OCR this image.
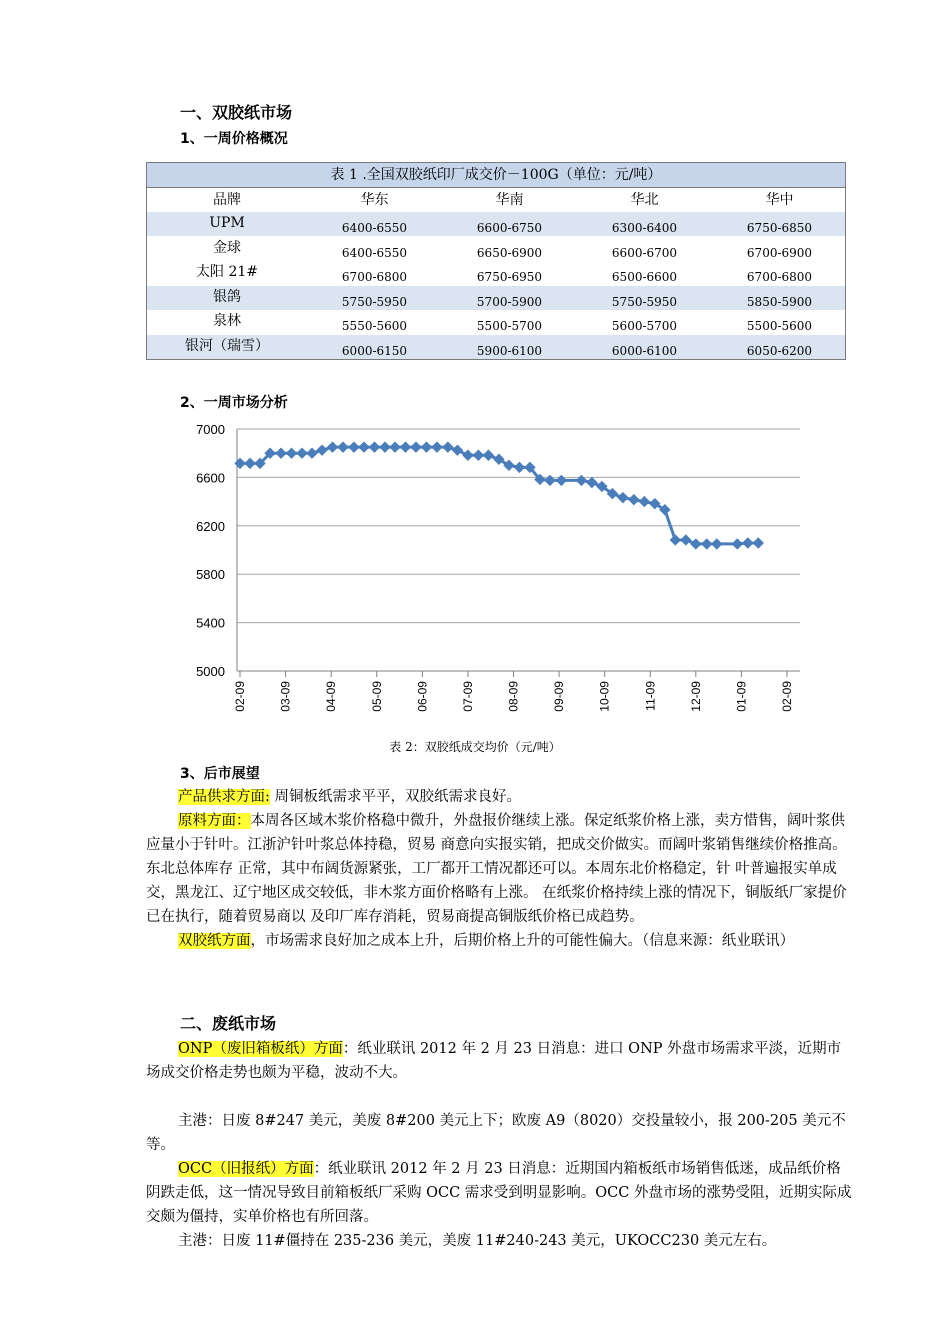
一、双胶纸市场
1、一周价格概况
表 1 .全国双胶纸印厂成交价－100G（单位：元/吨）
品牌	华东	华南	华北	华中
UPM	6400-6550	6600-6750	6300-6400	6750-6850
金球	6400-6550	6650-6900	6600-6700	6700-6900
太阳 21#	6700-6800	6750-6950	6500-6600	6700-6800
银鸽	5750-5950	5700-5900	5750-5950	5850-5900
泉林	5550-5600	5500-5700	5600-5700	5500-5600
银河（瑞雪）	6000-6150	5900-6100	6000-6100	6050-6200
2、一周市场分析
5000
5400
5800
6200
6600
7000
02-09	03-09	04-09	05-09	06-09	07-09	08-09	09-09	10-09	11-09	12-09	01-09	02-09
表 2：双胶纸成交均价（元/吨）
3、后市展望

产品供求方面: 周铜板纸需求平平，双胶纸需求良好。

原料方面：本周各区域木浆价格稳中微升，外盘报价继续上涨。保定纸浆价格上涨，卖方惜售，阔叶浆供应量小于针叶。江浙沪针叶浆总体持稳，贸易 商意向实报实销，把成交价做实。而阔叶浆销售继续价格推高。东北总体库存 正常，其中布阔货源紧张，工厂都开工情况都还可以。本周东北价格稳定，针 叶普遍报实单成交，黑龙江、辽宁地区成交较低，非木浆方面价格略有上涨。 在纸浆价格持续上涨的情况下，铜版纸厂家提价已在执行，随着贸易商以 及印厂库存消耗，贸易商提高铜版纸价格已成趋势。

双胶纸方面，市场需求良好加之成本上升，后期价格上升的可能性偏大。（信息来源：纸业联讯）

二、废纸市场

ONP（废旧箱板纸）方面：纸业联讯 2012 年 2 月 23 日消息：进口 ONP 外盘市场需求平淡，近期市场成交价格走势也颇为平稳，波动不大。

主港：日废 8#247 美元，美废 8#200 美元上下；欧废 A9（8020）交投量较小，报 200-205 美元不等。

OCC（旧报纸）方面：纸业联讯 2012 年 2 月 23 日消息：近期国内箱板纸市场销售低迷，成品纸价格阴跌走低，这一情况导致目前箱板纸厂采购 OCC 需求受到明显影响。OCC 外盘市场的涨势受阻，近期实际成交颇为僵持，实单价格也有所回落。

主港：日废 11#僵持在 235-236 美元，美废 11#240-243 美元，UKOCC230 美元左右。
